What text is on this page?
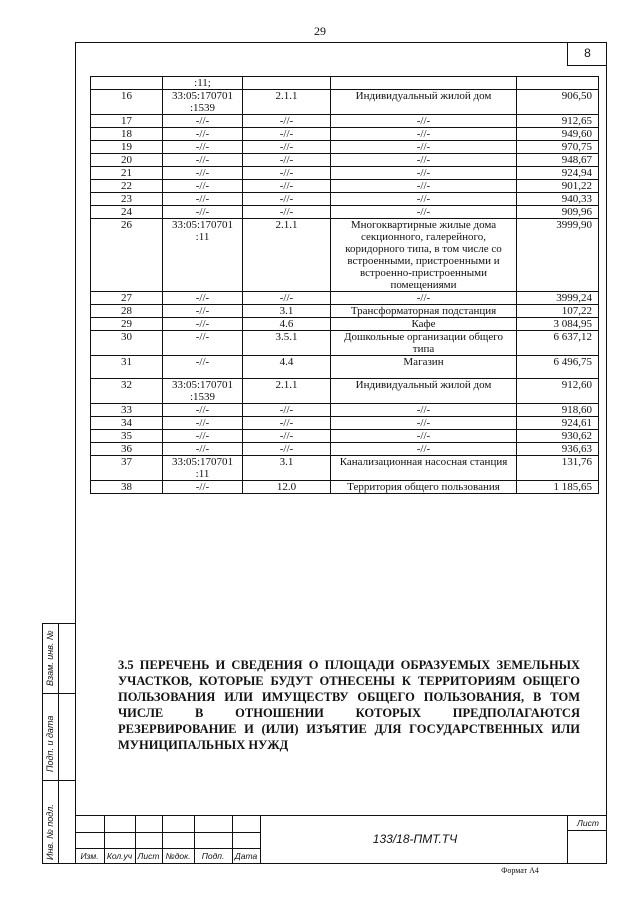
29
8
	:11;			
16	33:05:170701 :1539	2.1.1	Индивидуальный жилой дом	906,50
17	-//-	-//-	-//-	912,65
18	-//-	-//-	-//-	949,60
19	-//-	-//-	-//-	970,75
20	-//-	-//-	-//-	948,67
21	-//-	-//-	-//-	924,94
22	-//-	-//-	-//-	901,22
23	-//-	-//-	-//-	940,33
24	-//-	-//-	-//-	909,96
26	33:05:170701 :11	2.1.1	Многоквартирные жилые дома секционного, галерейного, коридорного типа, в том числе со встроенными, пристроенными и встроенно-пристроенными помещениями	3999,90
27	-//-	-//-	-//-	3999,24
28	-//-	3.1	Трансформаторная подстанция	107,22
29	-//-	4.6	Кафе	3 084,95
30	-//-	3.5.1	Дошкольные организации общего типа	6 637,12
31	-//-	4.4	Магазин	6 496,75
32	33:05:170701 :1539	2.1.1	Индивидуальный жилой дом	912,60
33	-//-	-//-	-//-	918,60
34	-//-	-//-	-//-	924,61
35	-//-	-//-	-//-	930,62
36	-//-	-//-	-//-	936,63
37	33:05:170701 :11	3.1	Канализационная насосная станция	131,76
38	-//-	12.0	Территория общего пользования	1 185,65
3.5 ПЕРЕЧЕНЬ И СВЕДЕНИЯ О ПЛОЩАДИ ОБРАЗУЕМЫХ ЗЕМЕЛЬНЫХ УЧАСТКОВ, КОТОРЫЕ БУДУТ ОТНЕСЕНЫ К ТЕРРИТОРИЯМ ОБЩЕГО ПОЛЬЗОВАНИЯ ИЛИ ИМУЩЕСТВУ ОБЩЕГО ПОЛЬЗОВАНИЯ, В ТОМ ЧИСЛЕ В ОТНОШЕНИИ КОТОРЫХ ПРЕДПОЛАГАЮТСЯ РЕЗЕРВИРОВАНИЕ И (ИЛИ) ИЗЪЯТИЕ ДЛЯ ГОСУДАРСТВЕННЫХ ИЛИ МУНИЦИПАЛЬНЫХ НУЖД
Взам. инв. №
Подп. и дата
Инв. № подл.	Изм. Кол.уч Лист №док.	Подп.	Дата
133/18-ПМТ.ТЧ
Лист
Формат А4
